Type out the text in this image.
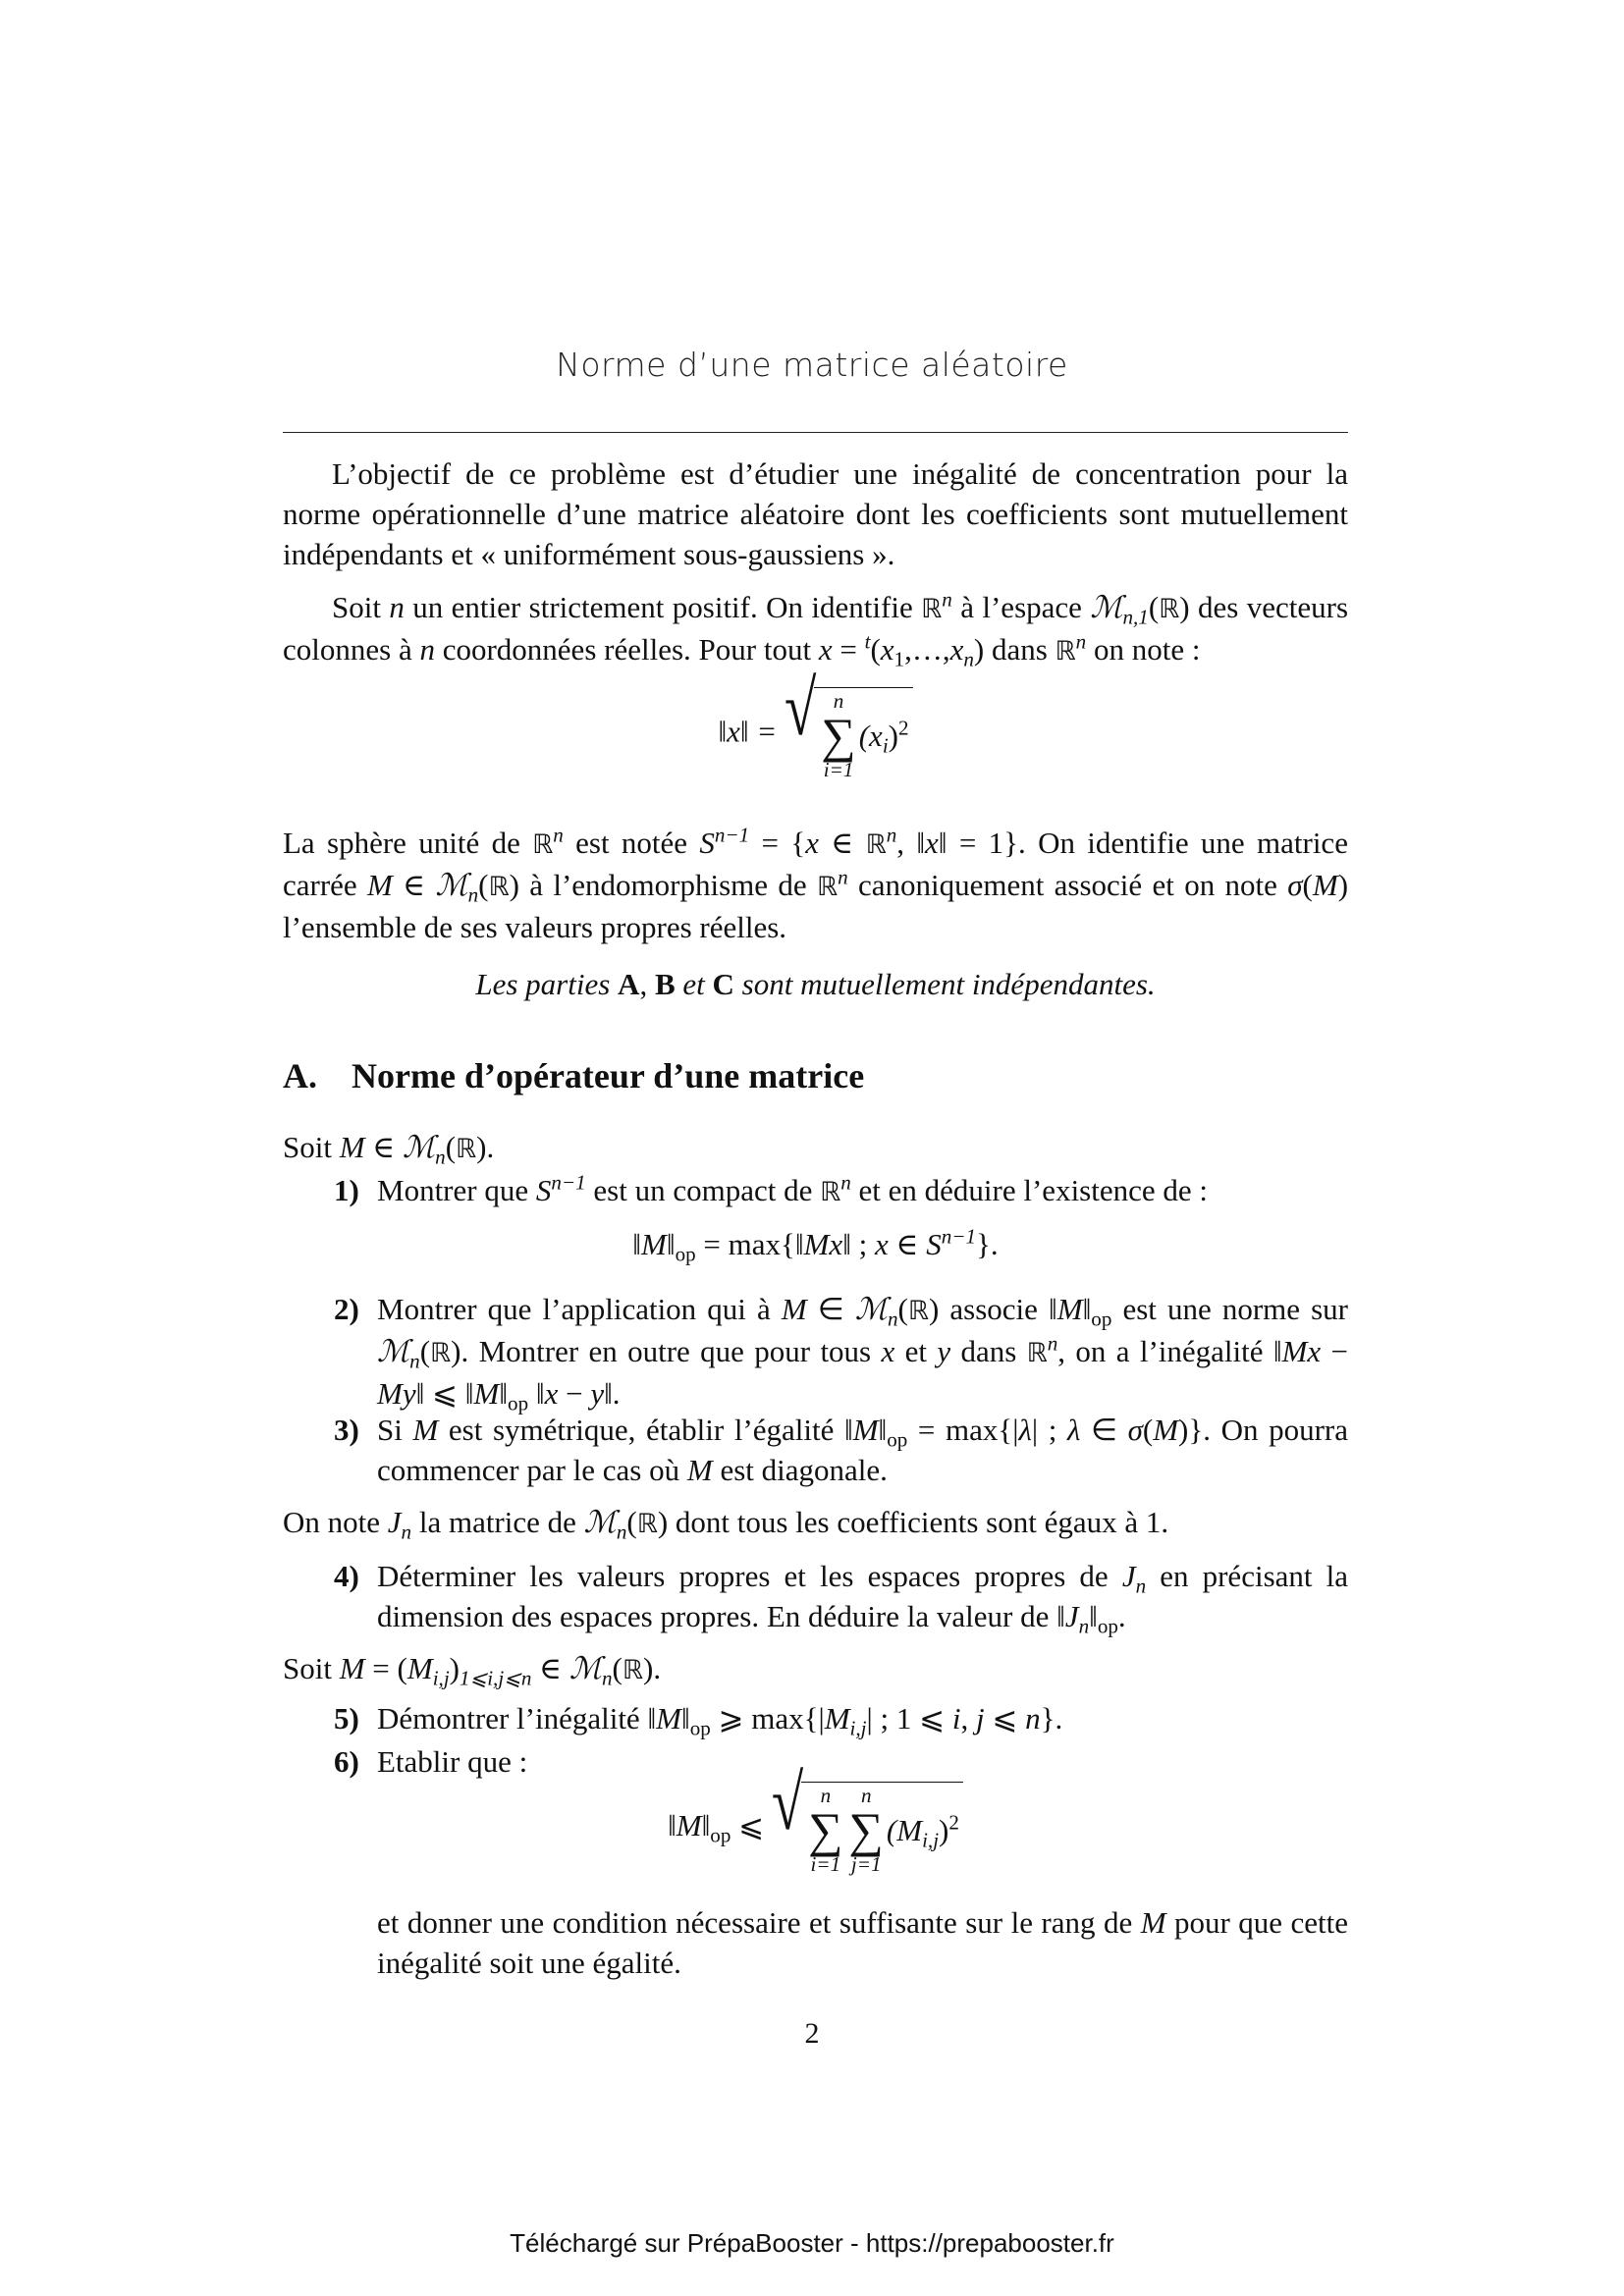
Norme d’une matrice aléatoire
L’objectif de ce problème est d’étudier une inégalité de concentration pour la norme opérationnelle d’une matrice aléatoire dont les coefficients sont mutuellement indépendants et « uniformément sous-gaussiens ».
Soit n un entier strictement positif. On identifie ℝ$^n$ à l’espace ℳ$_{n,1}$(ℝ) des vecteurs colonnes à n coordonnées réelles. Pour tout $x = ^t(x_1,\dots,x_n)$ dans ℝ$^n$ on note :
‖x‖ = √ n
∑
i=1
$(x_i)^2$
La sphère unité de ℝ$^n$ est notée $S^{n-1} = \{x$ ∈ ℝ$^n$, ‖x‖ = 1}. On identifie une matrice carrée M ∈ ℳ$_n$(ℝ) à l’endomorphisme de ℝ$^n$ canoniquement associé et on note σ(M) l’ensemble de ses valeurs propres réelles.
Les parties A, B et C sont mutuellement indépendantes.
A. Norme d’opérateur d’une matrice
Soit M ∈ ℳ$_n$(ℝ).
1) Montrer que $S^{n-1}$ est un compact de ℝ$^n$ et en déduire l’existence de :
$‖M‖_{op}$ = max{‖Mx‖ ; x ∈ $S^{n-1}$}.
2) Montrer que l’application qui à M ∈ ℳ$_n$(ℝ) associe $‖M‖_{op}$ est une norme sur ℳ$_n$(ℝ). Montrer en outre que pour tous x et y dans ℝ$^n$, on a l’inégalité ‖Mx − My‖ ⩽ $‖M‖_{op}$ ‖x − y‖.
3) Si M est symétrique, établir l’égalité $‖M‖_{op} = \max\{|\lambda|$ ; λ ∈ σ(M)}. On pourra commencer par le cas où M est diagonale.
On note $J_n$ la matrice de ℳ$_n$(ℝ) dont tous les coefficients sont égaux à 1.
4) Déterminer les valeurs propres et les espaces propres de $J_n$ en précisant la dimension des espaces propres. En déduire la valeur de $‖J_n‖_{op}$.
Soit $M = (M_{i,j})_{1⩽i,j⩽n}$ ∈ ℳ$_n$(ℝ).
5) Démontrer l’inégalité $‖M‖_{op}$ ⩾ $\max\{|M_{i,j}|$ ; 1 ⩽ i, j ⩽ n}.
6) Etablir que :
$‖M‖_{op}$ ⩽ √ n
∑
i=1
n
∑
j=1
$(M_{i,j})^2$
et donner une condition nécessaire et suffisante sur le rang de M pour que cette inégalité soit une égalité.
2
Téléchargé sur PrépaBooster - https://prepabooster.fr
